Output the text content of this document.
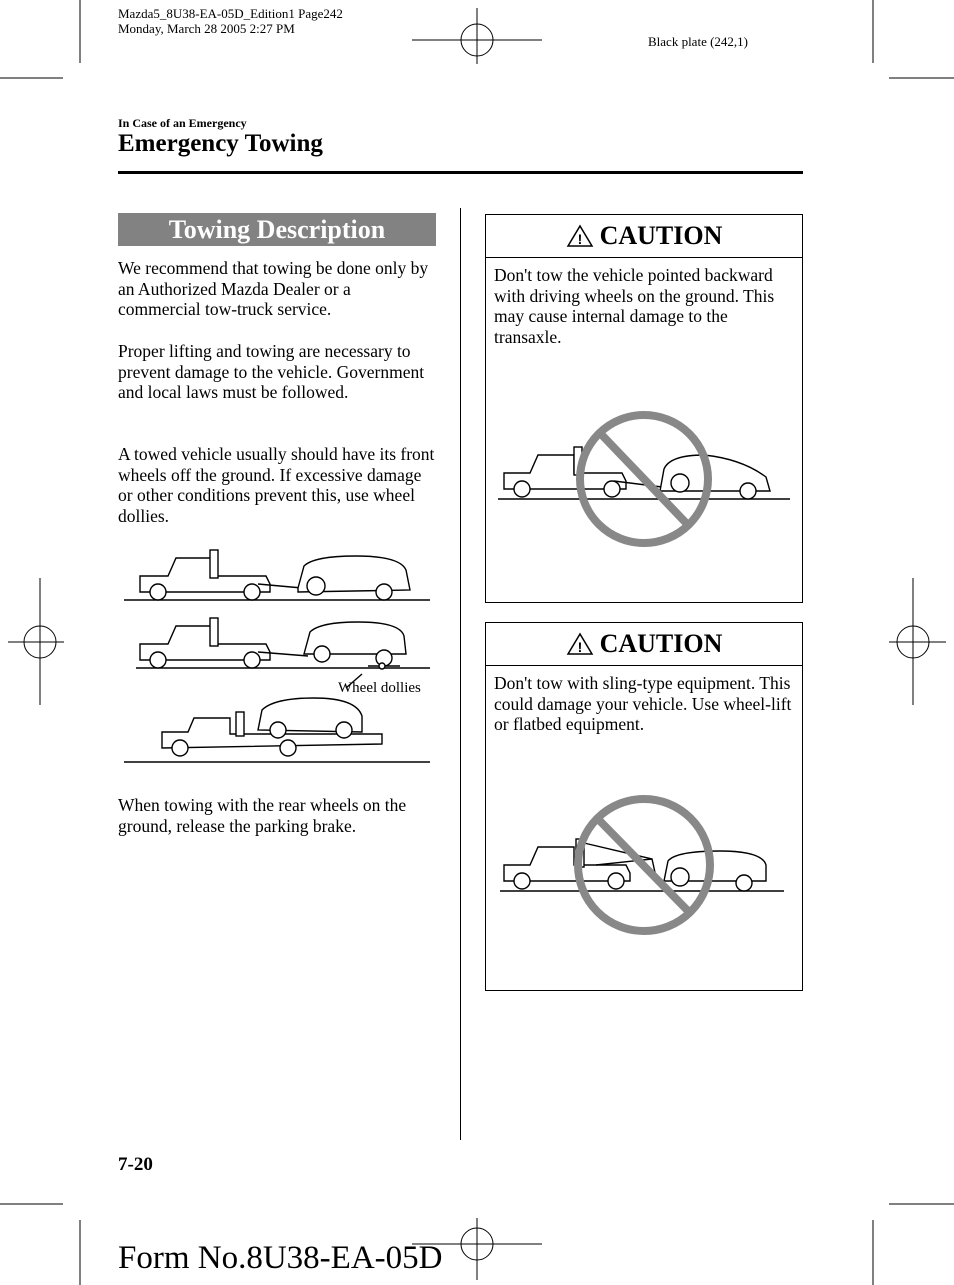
Mazda5_8U38-EA-05D_Edition1 Page242
Monday, March 28 2005 2:27 PM
Black plate (242,1)
In Case of an Emergency
Emergency Towing
Towing Description

We recommend that towing be done only by an Authorized Mazda Dealer or a commercial tow-truck service.

Proper lifting and towing are necessary to prevent damage to the vehicle. Government and local laws must be followed.

A towed vehicle usually should have its front wheels off the ground. If excessive damage or other conditions prevent this, use wheel dollies.

Wheel dollies

When towing with the rear wheels on the ground, release the parking brake.

! CAUTION

Don't tow the vehicle pointed backward with driving wheels on the ground. This may cause internal damage to the transaxle.

! CAUTION

Don't tow with sling-type equipment. This could damage your vehicle. Use wheel-lift or flatbed equipment.

7-20
Form No.8U38-EA-05D
